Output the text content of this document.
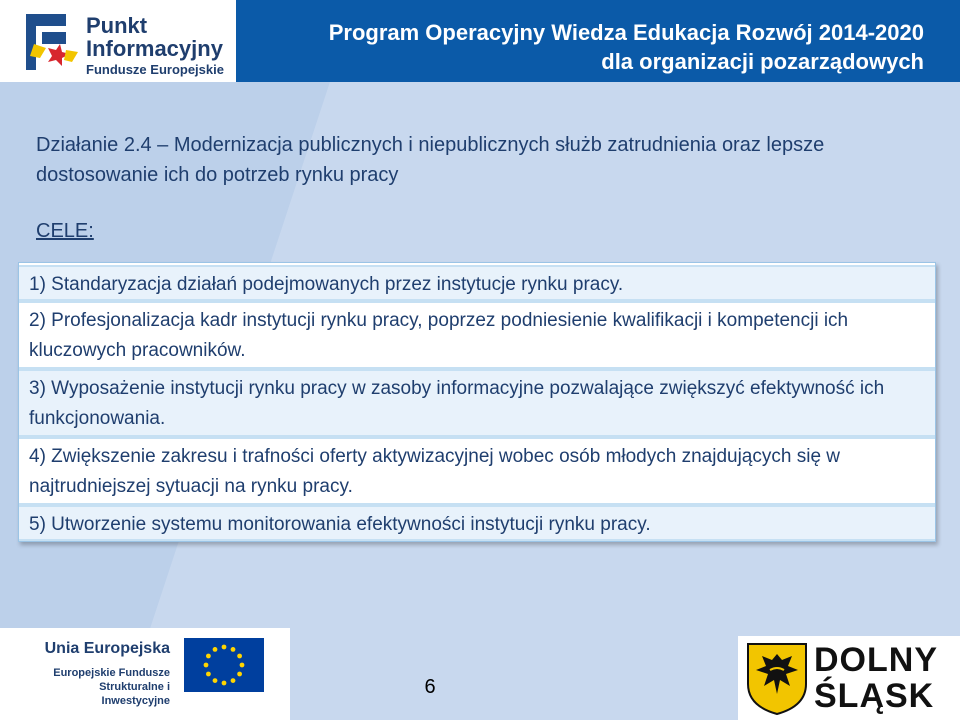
Punkt
Informacyjny
Fundusze Europejskie
Program Operacyjny Wiedza Edukacja Rozwój 2014-2020
dla organizacji pozarządowych
Działanie 2.4 – Modernizacja publicznych i niepublicznych służb zatrudnienia oraz lepsze dostosowanie ich do potrzeb rynku pracy
CELE:
1) Standaryzacja działań podejmowanych przez instytucje rynku pracy.
2) Profesjonalizacja kadr instytucji rynku pracy, poprzez podniesienie kwalifikacji i kompetencji ich kluczowych pracowników.
3) Wyposażenie instytucji rynku pracy w zasoby informacyjne pozwalające zwiększyć efektywność ich funkcjonowania.
4) Zwiększenie zakresu i trafności oferty aktywizacyjnej wobec osób młodych znajdujących się w najtrudniejszej sytuacji na rynku pracy.
5) Utworzenie systemu monitorowania efektywności instytucji rynku pracy.
Unia Europejska
Europejskie Fundusze
Strukturalne i Inwestycyjne
6
DOLNY
ŚLĄSK
